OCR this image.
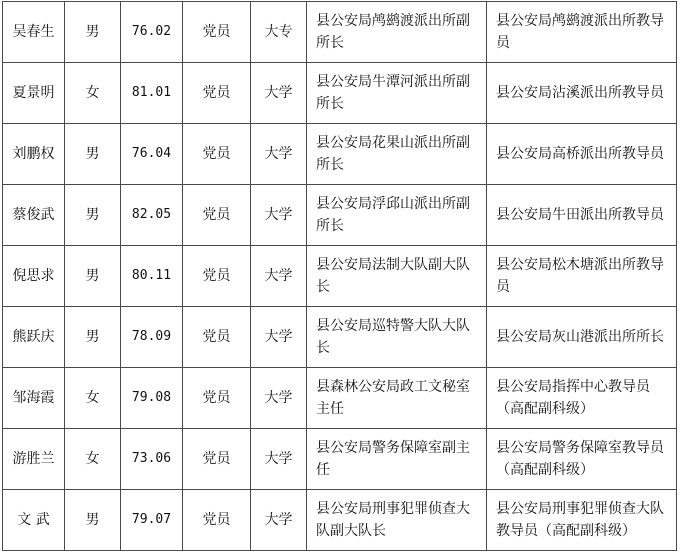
吴春生	男	76.02	党员	大专	县公安局鸬鹚渡派出所副所长	县公安局鸬鹚渡派出所教导员
夏景明	女	81.01	党员	大学	县公安局牛潭河派出所副所长	县公安局沾溪派出所教导员
刘鹏权	男	76.04	党员	大学	县公安局花果山派出所副所长	县公安局高桥派出所教导员
蔡俊武	男	82.05	党员	大学	县公安局浮邱山派出所副所长	县公安局牛田派出所教导员
倪思求	男	80.11	党员	大学	县公安局法制大队副大队长	县公安局松木塘派出所教导员
熊跃庆	男	78.09	党员	大学	县公安局巡特警大队大队长	县公安局灰山港派出所所长
邹海霞	女	79.08	党员	大学	县森林公安局政工文秘室主任	县公安局指挥中心教导员（高配副科级）
游胜兰	女	73.06	党员	大学	县公安局警务保障室副主任	县公安局警务保障室教导员（高配副科级）
文 武	男	79.07	党员	大学	县公安局刑事犯罪侦查大队副大队长	县公安局刑事犯罪侦查大队教导员（高配副科级）
